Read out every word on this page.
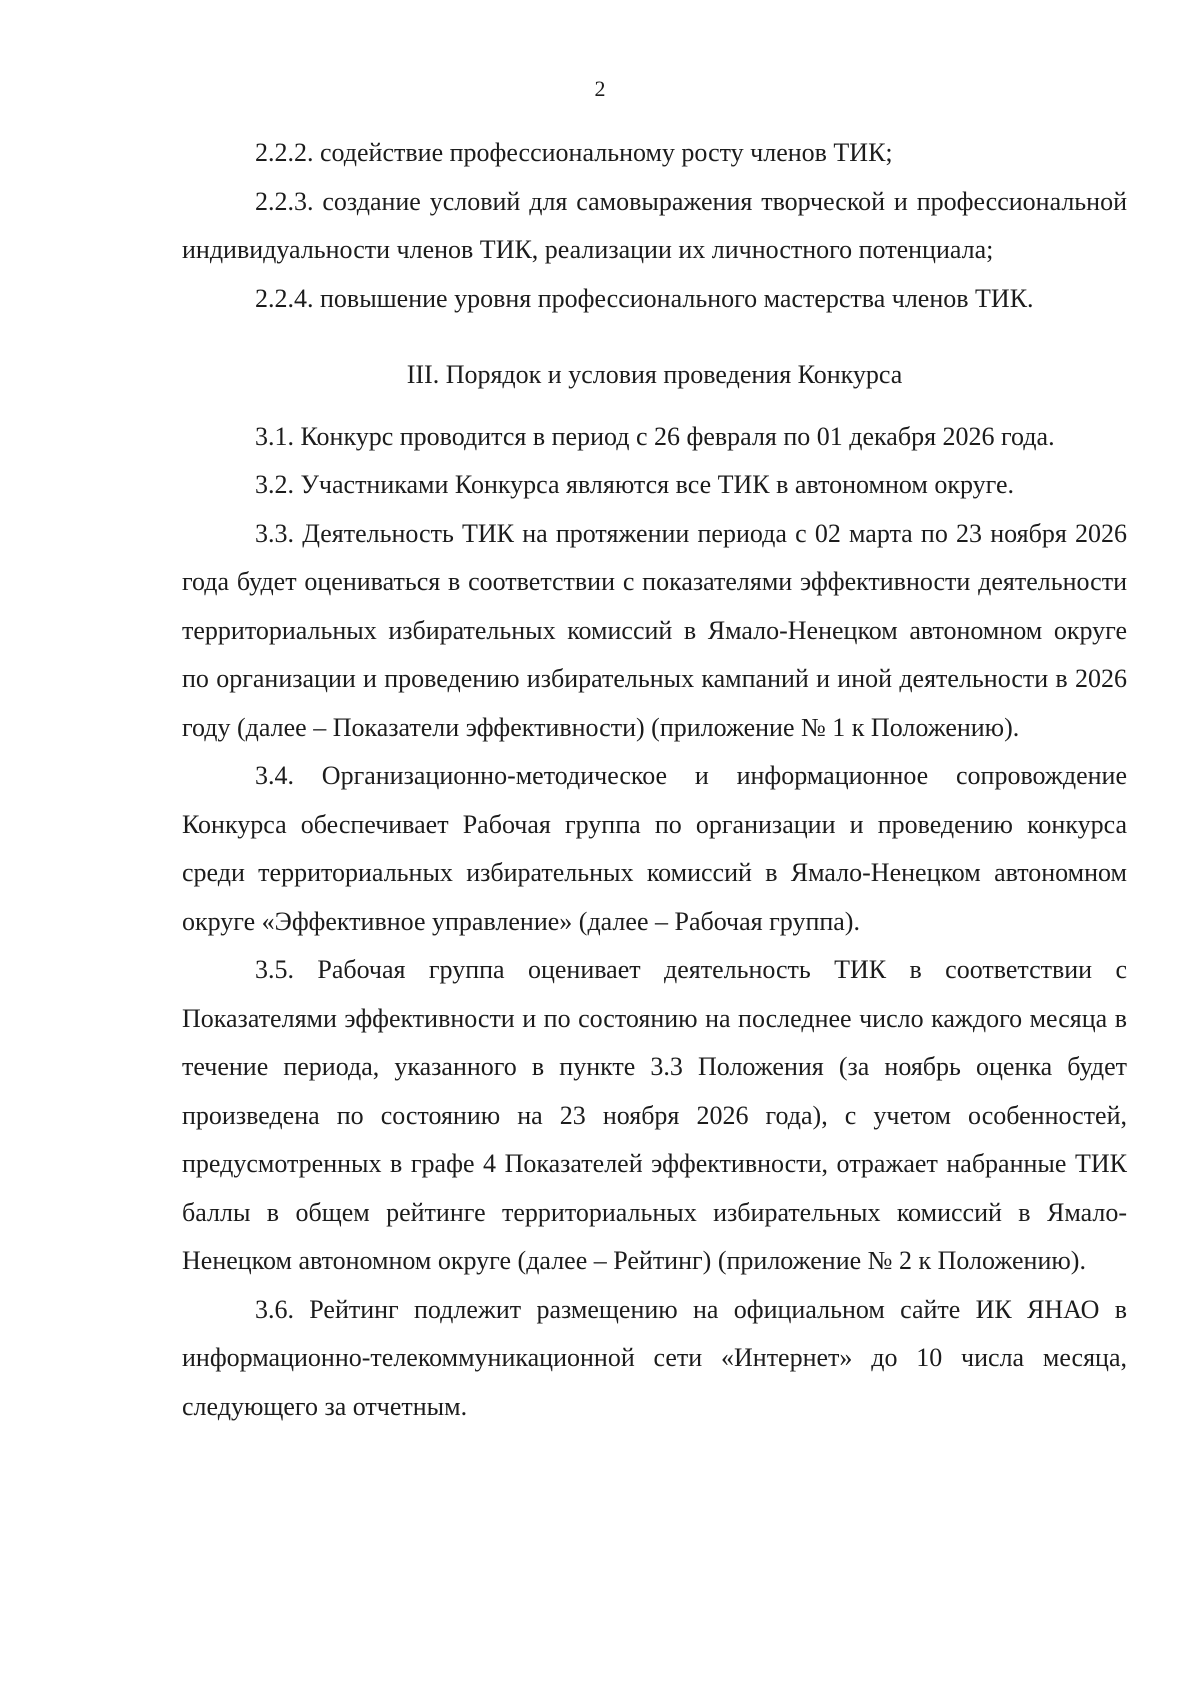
2

2.2.2. содействие профессиональному росту членов ТИК;

2.2.3. создание условий для самовыражения творческой и профессиональной индивидуальности членов ТИК, реализации их личностного потенциала;

2.2.4. повышение уровня профессионального мастерства членов ТИК.

III. Порядок и условия проведения Конкурса

3.1. Конкурс проводится в период с 26 февраля по 01 декабря 2026 года.

3.2. Участниками Конкурса являются все ТИК в автономном округе.

3.3. Деятельность ТИК на протяжении периода с 02 марта по 23 ноября 2026 года будет оцениваться в соответствии с показателями эффективности деятельности территориальных избирательных комиссий в Ямало-Ненецком автономном округе по организации и проведению избирательных кампаний и иной деятельности в 2026 году (далее – Показатели эффективности) (приложение № 1 к Положению).

3.4. Организационно-методическое и информационное сопровождение Конкурса обеспечивает Рабочая группа по организации и проведению конкурса среди территориальных избирательных комиссий в Ямало-Ненецком автономном округе «Эффективное управление» (далее – Рабочая группа).

3.5. Рабочая группа оценивает деятельность ТИК в соответствии с Показателями эффективности и по состоянию на последнее число каждого месяца в течение периода, указанного в пункте 3.3 Положения (за ноябрь оценка будет произведена по состоянию на 23 ноября 2026 года), с учетом особенностей, предусмотренных в графе 4 Показателей эффективности, отражает набранные ТИК баллы в общем рейтинге территориальных избирательных комиссий в Ямало-Ненецком автономном округе (далее – Рейтинг) (приложение № 2 к Положению).

3.6. Рейтинг подлежит размещению на официальном сайте ИК ЯНАО в информационно-телекоммуникационной сети «Интернет» до 10 числа месяца, следующего за отчетным.
